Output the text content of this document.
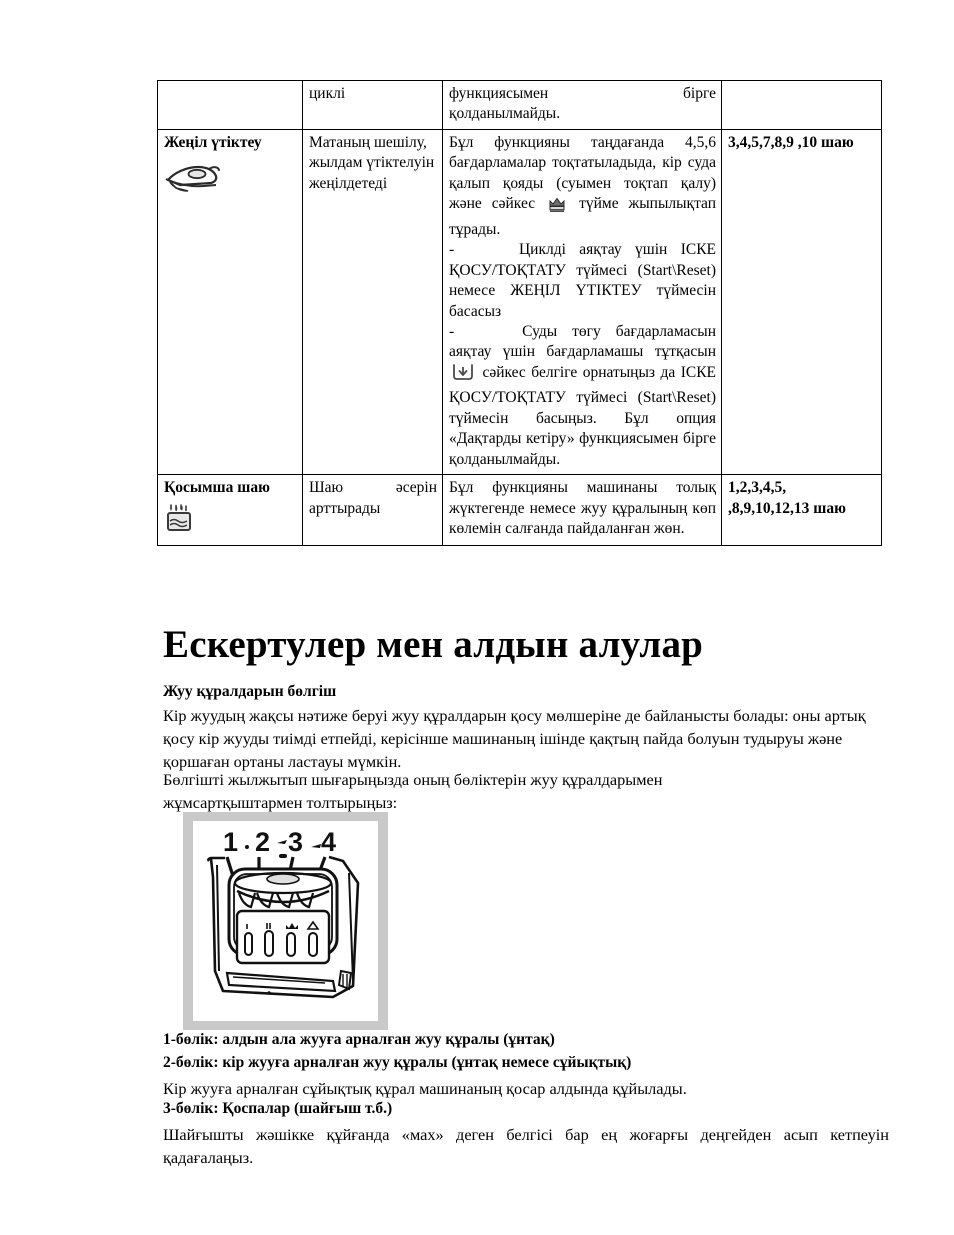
	циклі	функциясымен бірге
қолданылмайды.	

Жеңіл үтіктеу	Матаның шешілу, жылдам үтіктелуін жеңілдетеді	Бұл функцияны таңдағанда 4,5,6 бағдарламалар тоқтатыладыда, кір суда қалып қояды (суымен тоқтап қалу) және сәйкес түйме жыпылықтап тұрады.
- Циклді аяқтау үшін ІСКЕ ҚОСУ/ТОҚТАТУ түймесі (Start\Reset) немесе ЖЕҢІЛ ҮТІКТЕУ түймесін басасыз
- Суды төгу бағдарламасын аяқтау үшін бағдарламашы тұтқасын  сәйкес белгіге орнатыңыз да ІСКЕ ҚОСУ/ТОҚТАТУ түймесі (Start\Reset) түймесін басыңыз. Бұл опция «Дақтарды кетіру» функциясымен бірге қолданылмайды.	3,4,5,7,8,9 ,10 шаю

Қосымша шаю	Шаю әсерін арттырады	Бұл функцияны машинаны толық жүктегенде немесе жуу құралының көп көлемін салғанда пайдаланған жөн.	1,2,3,4,5,
,8,9,10,12,13 шаю
Ескертулер мен алдын алулар
Жуу құралдарын бөлгіш
Кір жуудың жақсы нәтиже беруі жуу құралдарын қосу мөлшеріне де байланысты болады: оны артық қосу кір жууды тиімді етпейді, керісінше машинаның ішінде қақтың пайда болуын тудыруы және қоршаған ортаны ластауы мүмкін.
Бөлгішті жылжытып шығарыңызда оның бөліктерін жуу құралдарымен жұмсартқыштармен толтырыңыз:
1 2 3 4
1-бөлік: алдын ала жууға арналған жуу құралы (ұнтақ)
2-бөлік: кір жууға арналған жуу құралы (ұнтақ немесе сұйықтық)
Кір жууға арналған сұйықтық құрал машинаның қосар алдында құйылады.
3-бөлік: Қоспалар (шайғыш т.б.)
Шайғышты жәшікке құйғанда «мах» деген белгісі бар ең жоғарғы деңгейден асып кетпеуін қадағалаңыз.
